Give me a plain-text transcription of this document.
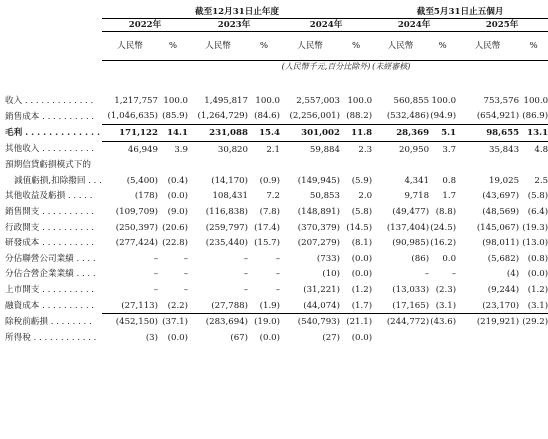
	截至12月31日止年度						截至5月31日止五個月			
	2022年		2023年		2024年		2024年		2025年	
	人民幣	%	人民幣	%	人民幣	%	人民幣	%	人民幣	%
					(人民幣千元,百分比除外)		(未經審核)			

收入 . . . . . . . . . . . . .	1,217,757	100.0	1,495,817	100.0	2,557,003	100.0	560,855	100.0	753,576	100.0
銷售成本 . . . . . . . . . .	(1,046,635)	(85.9)	(1,264,729)	(84.6)	(2,256,001)	(88.2)	(532,486)	(94.9)	(654,921)	(86.9)
毛利 . . . . . . . . . . . . .	171,122	14.1	231,088	15.4	301,002	11.8	28,369	5.1	98,655	13.1
其他收入 . . . . . . . . . .	46,949	3.9	30,820	2.1	59,884	2.3	20,950	3.7	35,843	4.8
預期信貸虧損模式下的										
減值虧損,扣除撥回 . . .	(5,400)	(0.4)	(14,170)	(0.9)	(149,945)	(5.9)	4,341	0.8	19,025	2.5
其他收益及虧損 . . . . .	(178)	(0.0)	108,431	7.2	50,853	2.0	9,718	1.7	(43,697)	(5.8)
銷售開支 . . . . . . . . . .	(109,709)	(9.0)	(116,838)	(7.8)	(148,891)	(5.8)	(49,477)	(8.8)	(48,569)	(6.4)
行政開支 . . . . . . . . . .	(250,397)	(20.6)	(259,797)	(17.4)	(370,379)	(14.5)	(137,404)	(24.5)	(145,067)	(19.3)
研發成本 . . . . . . . . . .	(277,424)	(22.8)	(235,440)	(15.7)	(207,279)	(8.1)	(90,985)	(16.2)	(98,011)	(13.0)
分佔聯營公司業績 . . . .	–	–	–	–	(733)	(0.0)	(86)	0.0	(5,682)	(0.8)
分佔合營企業業績 . . . .	–	–	–	–	(10)	(0.0)	–	–	(4)	(0.0)
上市開支 . . . . . . . . . .	–	–	–	–	(31,221)	(1.2)	(13,033)	(2.3)	(9,244)	(1.2)
融資成本 . . . . . . . . . .	(27,113)	(2.2)	(27,788)	(1.9)	(44,074)	(1.7)	(17,165)	(3.1)	(23,170)	(3.1)
除稅前虧損 . . . . . . . .	(452,150)	(37.1)	(283,694)	(19.0)	(540,793)	(21.1)	(244,772)	(43.6)	(219,921)	(29.2)
所得稅 . . . . . . . . . . . .	(3)	(0.0)	(67)	(0.0)	(27)	(0.0)				
